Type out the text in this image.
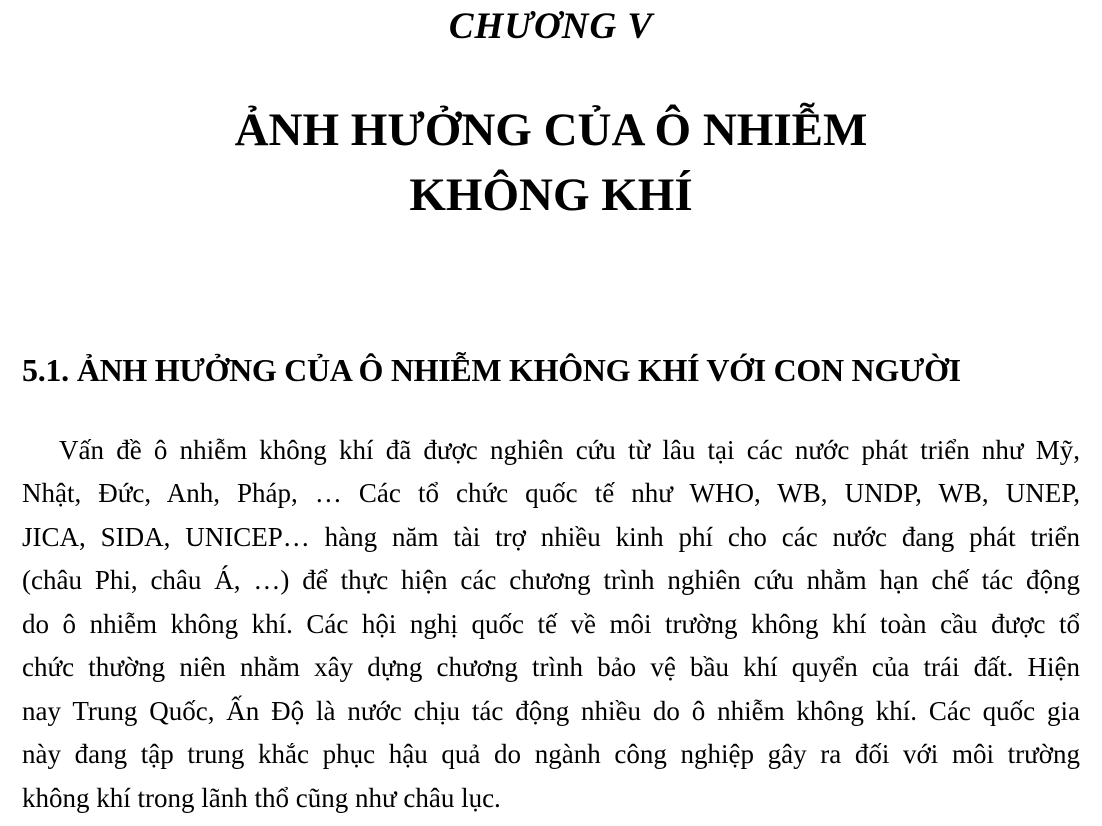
CHƯƠNG V
ẢNH HƯỞNG CỦA Ô NHIỄM
KHÔNG KHÍ
5.1. ẢNH HƯỞNG CỦA Ô NHIỄM KHÔNG KHÍ VỚI CON NGƯỜI
Vấn đề ô nhiễm không khí đã được nghiên cứu từ lâu tại các nước phát triển như Mỹ,
Nhật, Đức, Anh, Pháp, … Các tổ chức quốc tế như WHO, WB, UNDP, WB, UNEP,
JICA, SIDA, UNICEP… hàng năm tài trợ nhiều kinh phí cho các nước đang phát triển
(châu Phi, châu Á, …) để thực hiện các chương trình nghiên cứu nhằm hạn chế tác động
do ô nhiễm không khí. Các hội nghị quốc tế về môi trường không khí toàn cầu được tổ
chức thường niên nhằm xây dựng chương trình bảo vệ bầu khí quyển của trái đất. Hiện
nay Trung Quốc, Ấn Độ là nước chịu tác động nhiều do ô nhiễm không khí. Các quốc gia
này đang tập trung khắc phục hậu quả do ngành công nghiệp gây ra đối với môi trường
không khí trong lãnh thổ cũng như châu lục.
